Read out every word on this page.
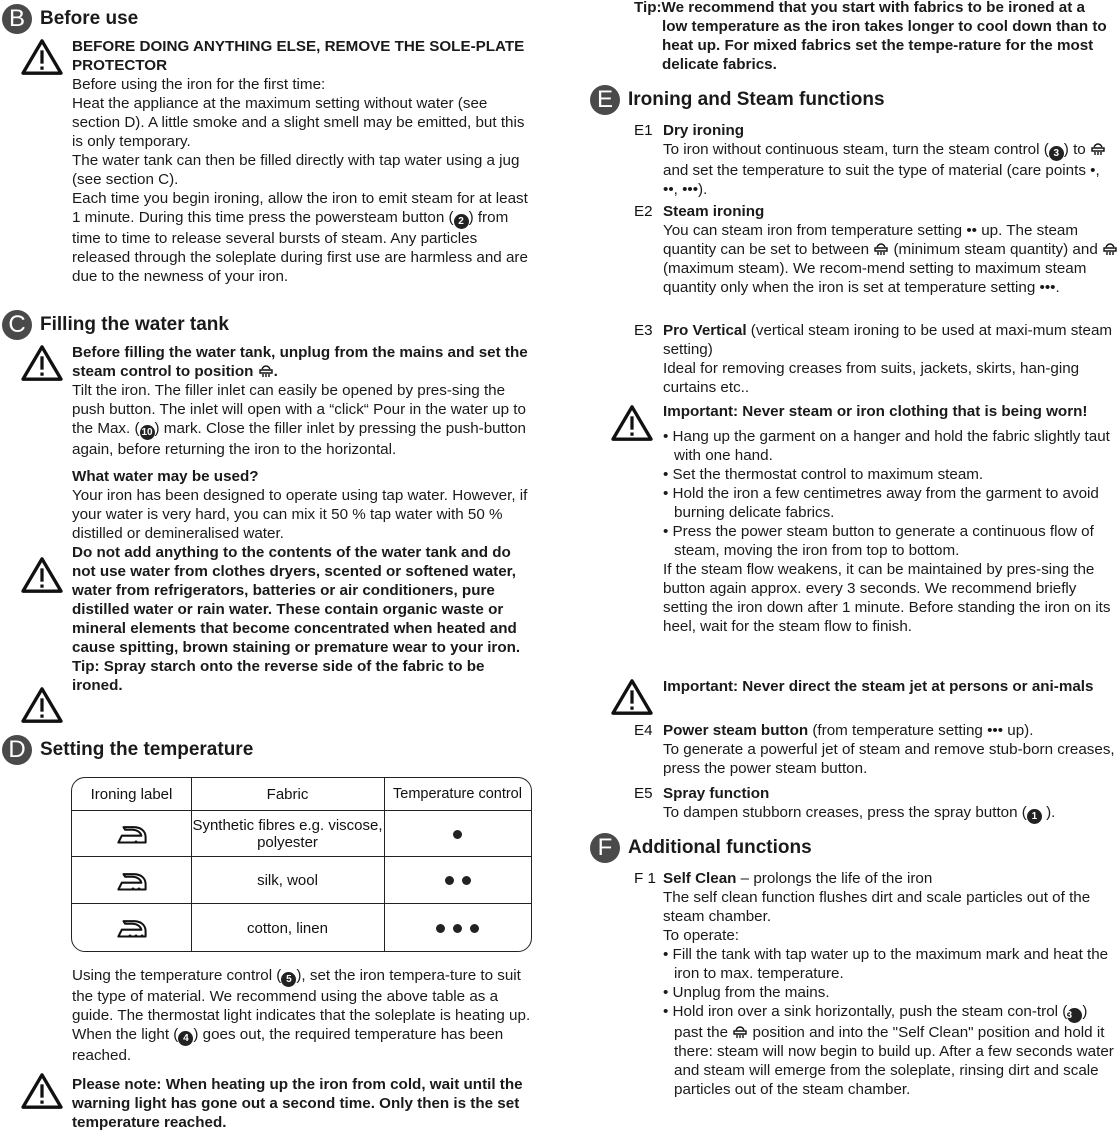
B Before use

BEFORE DOING ANYTHING ELSE, REMOVE THE SOLE-PLATE PROTECTOR

Before using the iron for the first time:

Heat the appliance at the maximum setting without water (see section D). A little smoke and a slight smell may be emitted, but this is only temporary.

The water tank can then be filled directly with tap water using a jug (see section C).

Each time you begin ironing, allow the iron to emit steam for at least 1 minute. During this time press the powersteam button ( 2 ) from time to time to release several bursts of steam. Any particles released through the soleplate during first use are harmless and are due to the newness of your iron.

C Filling the water tank

Before filling the water tank, unplug from the mains and set the steam control to position .

Tilt the iron. The filler inlet can easily be opened by pres-sing the push button. The inlet will open with a “click“ Pour in the water up to the Max. ( 10 ) mark. Close the filler inlet by pressing the push-button again, before returning the iron to the horizontal.

What water may be used?

Your iron has been designed to operate using tap water. However, if your water is very hard, you can mix it 50 % tap water with 50 % distilled or demineralised water.

Do not add anything to the contents of the water tank and do not use water from clothes dryers, scented or softened water, water from refrigerators, batteries or air conditioners, pure distilled water or rain water. These contain organic waste or mineral elements that become concentrated when heated and cause spitting, brown staining or premature wear to your iron.

Tip: Spray starch onto the reverse side of the fabric to be ironed.

D Setting the temperature
Ironing label	Fabric	Temperature control
Synthetic fibres e.g. viscose, polyester
silk, wool
cotton, linen

Using the temperature control ( 5 ), set the iron tempera-ture to suit the type of material. We recommend using the above table as a guide. The thermostat light indicates that the soleplate is heating up. When the light ( 4 ) goes out, the required temperature has been reached.

Please note: When heating up the iron from cold, wait until the warning light has gone out a second time. Only then is the set temperature reached.

Tip:We recommend that you start with fabrics to be ironed at a low temperature as the iron takes longer to cool down than to heat up. For mixed fabrics set the tempe-rature for the most delicate fabrics.
E Ironing and Steam functions
E1 Dry ironing

To iron without continuous steam, turn the steam control ( 3 ) to  and set the temperature to suit the type of material (care points •, ••, •••).

E2 Steam ironing

You can steam iron from temperature setting •• up. The steam quantity can be set to between (minimum steam quantity) and  (maximum steam). We recom-mend setting to maximum steam quantity only when the iron is set at temperature setting •••.

E3 Pro Vertical (vertical steam ironing to be used at maxi-mum steam setting)

Ideal for removing creases from suits, jackets, skirts, han-ging curtains etc..

Important: Never steam or iron clothing that is being worn!

• Hang up the garment on a hanger and hold the fabric slightly taut with one hand.

• Set the thermostat control to maximum steam.

• Hold the iron a few centimetres away from the garment to avoid burning delicate fabrics.

• Press the power steam button to generate a continuous flow of steam, moving the iron from top to bottom.

If the steam flow weakens, it can be maintained by pres-sing the button again approx. every 3 seconds. We recommend briefly setting the iron down after 1 minute. Before standing the iron on its heel, wait for the steam flow to finish.

Important: Never direct the steam jet at persons or ani-mals
E4 Power steam button (from temperature setting ••• up).

To generate a powerful jet of steam and remove stub-born creases, press the power steam button.

E5 Spray function

To dampen stubborn creases, press the spray button ( 1 ).

F Additional functions
F 1 Self Clean – prolongs the life of the iron

The self clean function flushes dirt and scale particles out of the steam chamber.

To operate:

• Fill the tank with tap water up to the maximum mark and heat the iron to max. temperature.

• Unplug from the mains.

• Hold iron over a sink horizontally, push the steam con-trol (3 ) past the position and into the "Self Clean" position and hold it there: steam will now begin to build up. After a few seconds water and steam will emerge from the soleplate, rinsing dirt and scale particles out of the steam chamber.
